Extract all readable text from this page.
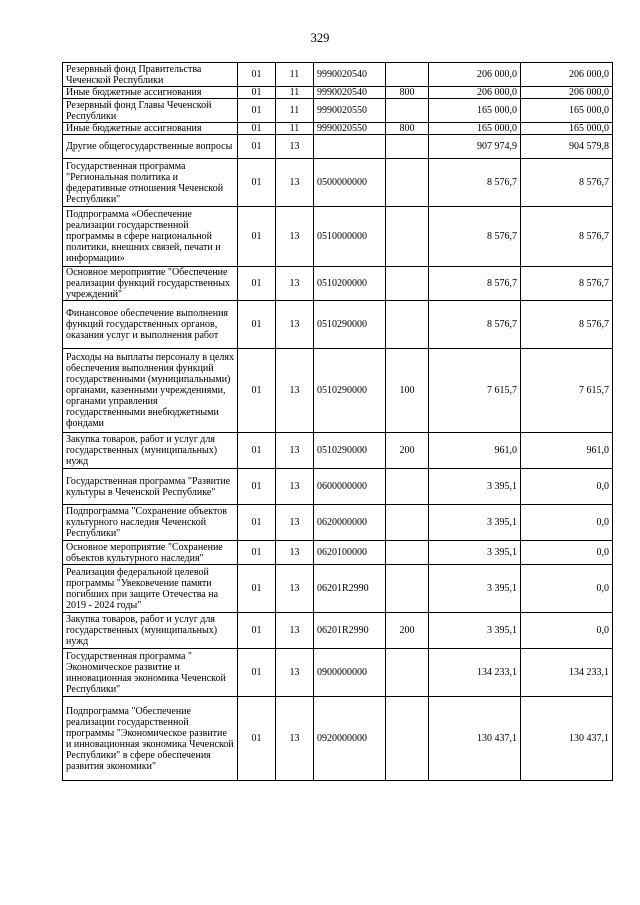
329
Резервный фонд Правительства Чеченской Республики	01	11	9990020540		206 000,0	206 000,0
Иные бюджетные ассигнования	01	11	9990020540	800	206 000,0	206 000,0
Резервный фонд Главы Чеченской Республики	01	11	9990020550		165 000,0	165 000,0
Иные бюджетные ассигнования	01	11	9990020550	800	165 000,0	165 000,0
Другие общегосударственные вопросы	01	13			907 974,9	904 579,8
Государственная программа "Региональная политика и федеративные отношения Чеченской Республики"	01	13	0500000000		8 576,7	8 576,7
Подпрограмма «Обеспечение реализации государственной программы в сфере национальной политики, внешних связей, печати и информации»	01	13	0510000000		8 576,7	8 576,7
Основное мероприятие "Обеспечение реализации функций государственных учреждений"	01	13	0510200000		8 576,7	8 576,7
Финансовое обеспечение выполнения функций государственных органов, оказания услуг и выполнения работ	01	13	0510290000		8 576,7	8 576,7
Расходы на выплаты персоналу в целях обеспечения выполнения функций государственными (муниципальными) органами, казенными учреждениями, органами управления государственными внебюджетными фондами	01	13	0510290000	100	7 615,7	7 615,7
Закупка товаров, работ и услуг для государственных (муниципальных) нужд	01	13	0510290000	200	961,0	961,0
Государственная программа "Развитие культуры в Чеченской Республике"	01	13	0600000000		3 395,1	0,0
Подпрограмма "Сохранение объектов культурного наследия Чеченской Республики"	01	13	0620000000		3 395,1	0,0
Основное мероприятие "Сохранение объектов культурного наследия"	01	13	0620100000		3 395,1	0,0
Реализация федеральной целевой программы "Увековечение памяти погибших при защите Отечества на 2019 - 2024 годы"	01	13	06201R2990		3 395,1	0,0
Закупка товаров, работ и услуг для государственных (муниципальных) нужд	01	13	06201R2990	200	3 395,1	0,0
Государственная программа " Экономическое развитие и инновационная экономика Чеченской Республики"	01	13	0900000000		134 233,1	134 233,1
Подпрограмма "Обеспечение реализации государственной программы "Экономическое развитие и инновационная экономика Чеченской Республики" в сфере обеспечения развития экономики"	01	13	0920000000		130 437,1	130 437,1
